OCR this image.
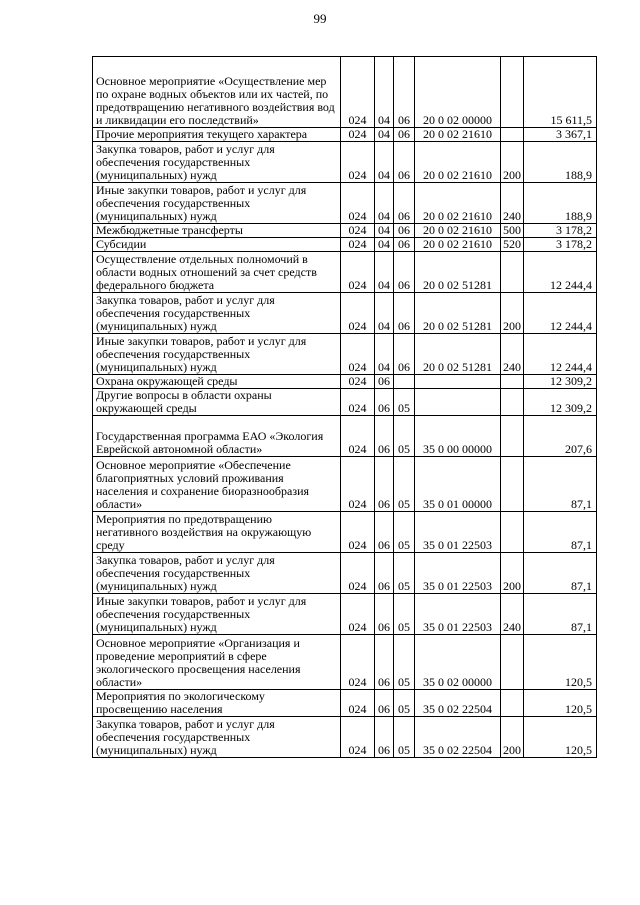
99
Основное мероприятие «Осуществление мер по охране водных объектов или их частей, по предотвращению негативного воздействия вод и ликвидации его последствий»	024	04	06	20 0 02 00000		15 611,5
Прочие мероприятия текущего характера	024	04	06	20 0 02 21610		3 367,1
Закупка товаров, работ и услуг для обеспечения государственных (муниципальных) нужд	024	04	06	20 0 02 21610	200	188,9
Иные закупки товаров, работ и услуг для обеспечения государственных (муниципальных) нужд	024	04	06	20 0 02 21610	240	188,9
Межбюджетные трансферты	024	04	06	20 0 02 21610	500	3 178,2
Субсидии	024	04	06	20 0 02 21610	520	3 178,2
Осуществление отдельных полномочий в области водных отношений за счет средств федерального бюджета	024	04	06	20 0 02 51281		12 244,4
Закупка товаров, работ и услуг для обеспечения государственных (муниципальных) нужд	024	04	06	20 0 02 51281	200	12 244,4
Иные закупки товаров, работ и услуг для обеспечения государственных (муниципальных) нужд	024	04	06	20 0 02 51281	240	12 244,4
Охрана окружающей среды	024	06				12 309,2
Другие вопросы в области охраны окружающей среды	024	06	05			12 309,2
Государственная программа ЕАО «Экология Еврейской автономной области»	024	06	05	35 0 00 00000		207,6
Основное мероприятие «Обеспечение благоприятных условий проживания населения и сохранение биоразнообразия области»	024	06	05	35 0 01 00000		87,1
Мероприятия по предотвращению негативного воздействия на окружающую среду	024	06	05	35 0 01 22503		87,1
Закупка товаров, работ и услуг для обеспечения государственных (муниципальных) нужд	024	06	05	35 0 01 22503	200	87,1
Иные закупки товаров, работ и услуг для обеспечения государственных (муниципальных) нужд	024	06	05	35 0 01 22503	240	87,1
Основное мероприятие «Организация и проведение мероприятий в сфере экологического просвещения населения области»	024	06	05	35 0 02 00000		120,5
Мероприятия по экологическому просвещению населения	024	06	05	35 0 02 22504		120,5
Закупка товаров, работ и услуг для обеспечения государственных (муниципальных) нужд	024	06	05	35 0 02 22504	200	120,5
